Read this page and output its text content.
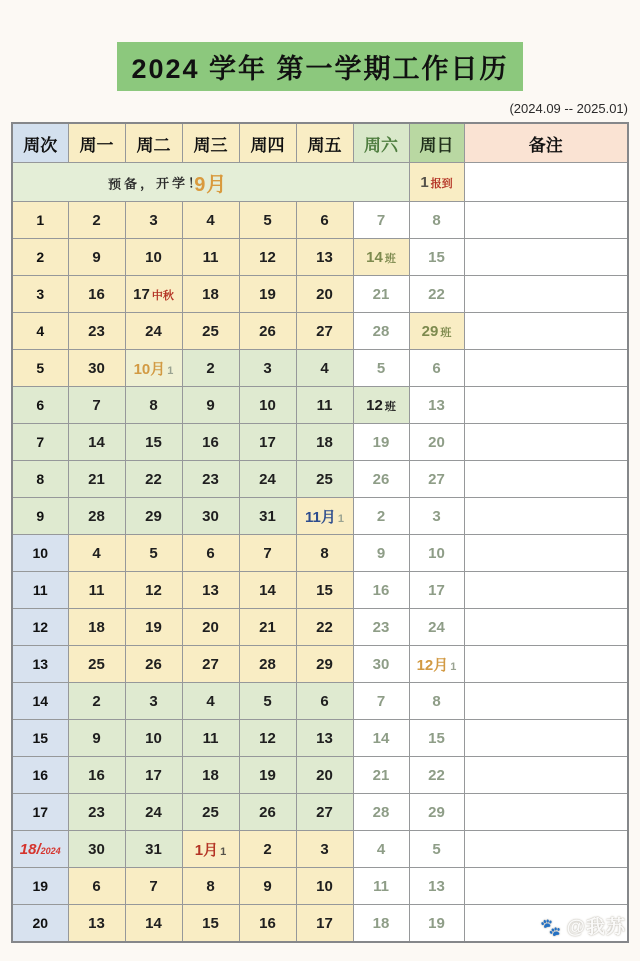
2024 学年 第一学期工作日历
(2024.09 -- 2025.01)
周次	周一	周二	周三	周四	周五	周六	周日	备注

预备，开学！
9月							1 报到	
1	2	3	4	5	6	7	8	
2	9	10	11	12	13	14 班	15	
3	16	17 中秋	18	19	20	21	22	
4	23	24	25	26	27	28	29 班	
5	30	10月 1	2	3	4	5	6	
6	7	8	9	10	11	12 班	13	
7	14	15	16	17	18	19	20	
8	21	22	23	24	25	26	27	
9	28	29	30	31	11月 1	2	3	
10	4	5	6	7	8	9	10	
11	11	12	13	14	15	16	17	
12	18	19	20	21	22	23	24	
13	25	26	27	28	29	30	12月 1	
14	2	3	4	5	6	7	8	
15	9	10	11	12	13	14	15	
16	16	17	18	19	20	21	22	
17	23	24	25	26	27	28	29	
18/2024	30	31	1月 1	2	3	4	5	
19	6	7	8	9	10	11	13	
20	13	14	15	16	17	18	19		🐾 @我苏
